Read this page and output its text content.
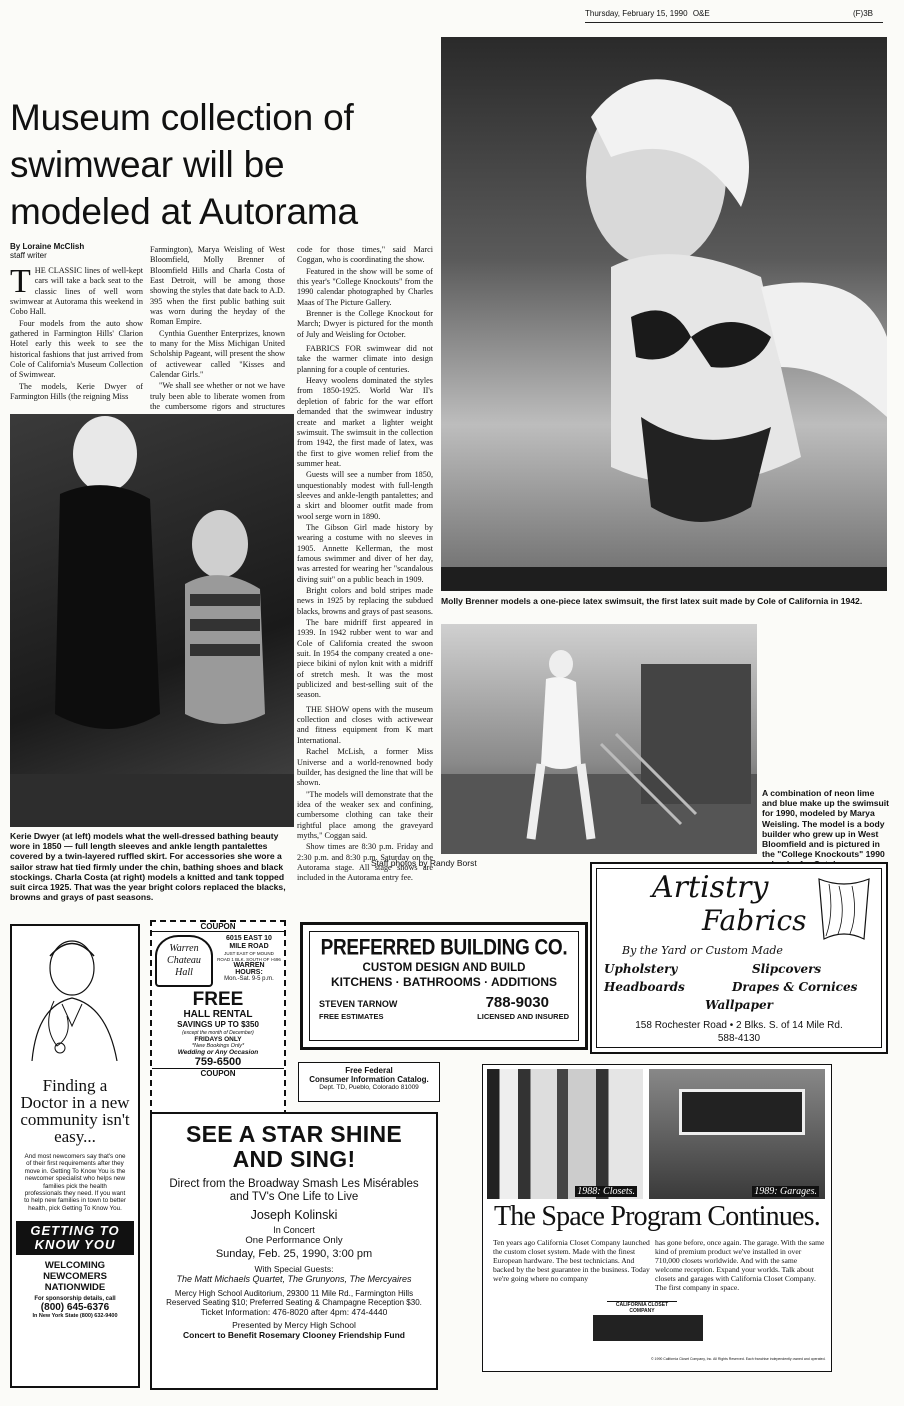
Thursday, February 15, 1990 O&E	(F)3B
Museum collection of swimwear will be modeled at Autorama
By Loraine McClish
staff writer
T HE CLASSIC lines of well-kept cars will take a back seat to the classic lines of well worn swimwear at Autorama this weekend in Cobo Hall.

Four models from the auto show gathered in Farmington Hills' Clarion Hotel early this week to see the historical fashions that just arrived from Cole of California's Museum Collection of Swimwear.

The models, Kerie Dwyer of Farmington Hills (the reigning Miss

Farmington), Marya Weisling of West Bloomfield, Molly Brenner of Bloomfield Hills and Charla Costa of East Detroit, will be among those showing the styles that date back to A.D. 395 when the first public bathing suit was worn during the heyday of the Roman Empire.

Cynthia Guenther Enterprizes, known to many for the Miss Michigan United Scholship Pageant, will present the show of activewear called "Kisses and Calendar Girls."

"We shall see whether or not we have truly been able to liberate women from the cumbersome rigors and structures

code for those times," said Marci Coggan, who is coordinating the show.

Featured in the show will be some of this year's "College Knockouts" from the 1990 calendar photographed by Charles Maas of The Picture Gallery.

Brenner is the College Knockout for March; Dwyer is pictured for the month of July and Weisling for October.

FABRICS FOR swimwear did not take the warmer climate into design planning for a couple of centuries.

Heavy woolens dominated the styles from 1850-1925. World War II's depletion of fabric for the war effort demanded that the swimwear industry create and market a lighter weight swimsuit. The swimsuit in the collection from 1942, the first made of latex, was the first to give women relief from the summer heat.

Guests will see a number from 1850, unquestionably modest with full-length sleeves and ankle-length pantalettes; and a skirt and bloomer outfit made from wool serge worn in 1890.

The Gibson Girl made history by wearing a costume with no sleeves in 1905. Annette Kellerman, the most famous swimmer and diver of her day, was arrested for wearing her "scandalous diving suit" on a public beach in 1909.

Bright colors and bold stripes made news in 1925 by replacing the subdued blacks, browns and grays of past seasons.

The bare midriff first appeared in 1939. In 1942 rubber went to war and Cole of California created the swoon suit. In 1954 the company created a one-piece bikini of nylon knit with a midriff of stretch mesh. It was the most publicized and best-selling suit of the season.

THE SHOW opens with the museum collection and closes with activewear and fitness equipment from K mart International.

Rachel McLish, a former Miss Universe and a world-renowned body builder, has designed the line that will be shown.

"The models will demonstrate that the idea of the weaker sex and confining, cumbersome clothing can take their rightful place among the graveyard myths," Coggan said.

Show times are 8:30 p.m. Friday and 2:30 p.m. and 8:30 p.m. Saturday on the Autorama stage. All stage shows are included in the Autorama entry fee.

Molly Brenner models a one-piece latex swimsuit, the first latex suit made by Cole of California in 1942.
Kerie Dwyer (at left) models what the well-dressed bathing beauty wore in 1850 — full length sleeves and ankle length pantalettes covered by a twin-layered ruffled skirt. For accessories she wore a sailor straw hat tied firmly under the chin, bathing shoes and black stockings. Charla Costa (at right) models a knitted and tank topped suit circa 1925. That was the year bright colors replaced the blacks, browns and grays of past seasons.
A combination of neon lime and blue make up the swimsuit for 1990, modeled by Marya Weisling. The model is a body builder who grew up in West Bloomfield and is pictured in the "College Knockouts" 1990
Staff photos by Randy Borst
Finding a Doctor in a new community isn't easy...
And most newcomers say that's one of their first requirements after they move in. Getting To Know You is the newcomer specialist who helps new families pick the health professionals they need. If you want to help new families in town to better health, pick Getting To Know You.
GETTING TO KNOW YOU
WELCOMING NEWCOMERS NATIONWIDE
For sponsorship details, call
(800) 645-6376
In New York State (800) 632-9400
COUPON
Warren Chateau Hall
6015 EAST 10 MILE ROAD
JUST EAST OF MOUND ROAD 1 BLK. SOUTH OF I-696
WARREN
HOURS:
Mon.-Sat. 9-5 p.m.
FREE
HALL RENTAL
SAVINGS UP TO $350
(except the month of December)
FRIDAYS ONLY
*New Bookings Only*
Wedding or Any Occasion
759-6500
COUPON
PREFERRED BUILDING CO.
CUSTOM DESIGN AND BUILD
KITCHENS · BATHROOMS · ADDITIONS
STEVEN TARNOW	788-9030
FREE ESTIMATES	LICENSED AND INSURED
Free Federal
Consumer Information Catalog.
Dept. TD, Pueblo, Colorado 81009
SEE A STAR SHINE AND SING!
Direct from the Broadway Smash Les Misérables and TV's One Life to Live
Joseph Kolinski
In Concert
One Performance Only
Sunday, Feb. 25, 1990, 3:00 pm
With Special Guests:
The Matt Michaels Quartet, The Grunyons, The Mercyaires
Mercy High School Auditorium, 29300 11 Mile Rd., Farmington Hills
Reserved Seating $10; Preferred Seating & Champagne Reception $30.
Ticket Information: 476-8020 after 4pm: 474-4440
Presented by Mercy High School
Concert to Benefit Rosemary Clooney Friendship Fund
Artistry
Fabrics
By the Yard or Custom Made
Upholstery	Slipcovers
Headboards	Drapes & Cornices
Wallpaper
158 Rochester Road • 2 Blks. S. of 14 Mile Rd.
588-4130
1988: Closets.	1989: Garages.
The Space Program Continues.
Ten years ago California Closet Company launched the custom closet system. Made with the finest European hardware. The best technicians. And backed by the best guarantee in the business. Today we're going where no company
has gone before, once again. The garage. With the same kind of premium product we've installed in over 710,000 closets worldwide. And with the same welcome reception. Expand your worlds. Talk about closets and garages with California Closet Company. The first company in space.
CALIFORNIA CLOSET COMPANY
© 1990 California Closet Company, Inc. All Rights Reserved. Each franchise independently owned and operated.
